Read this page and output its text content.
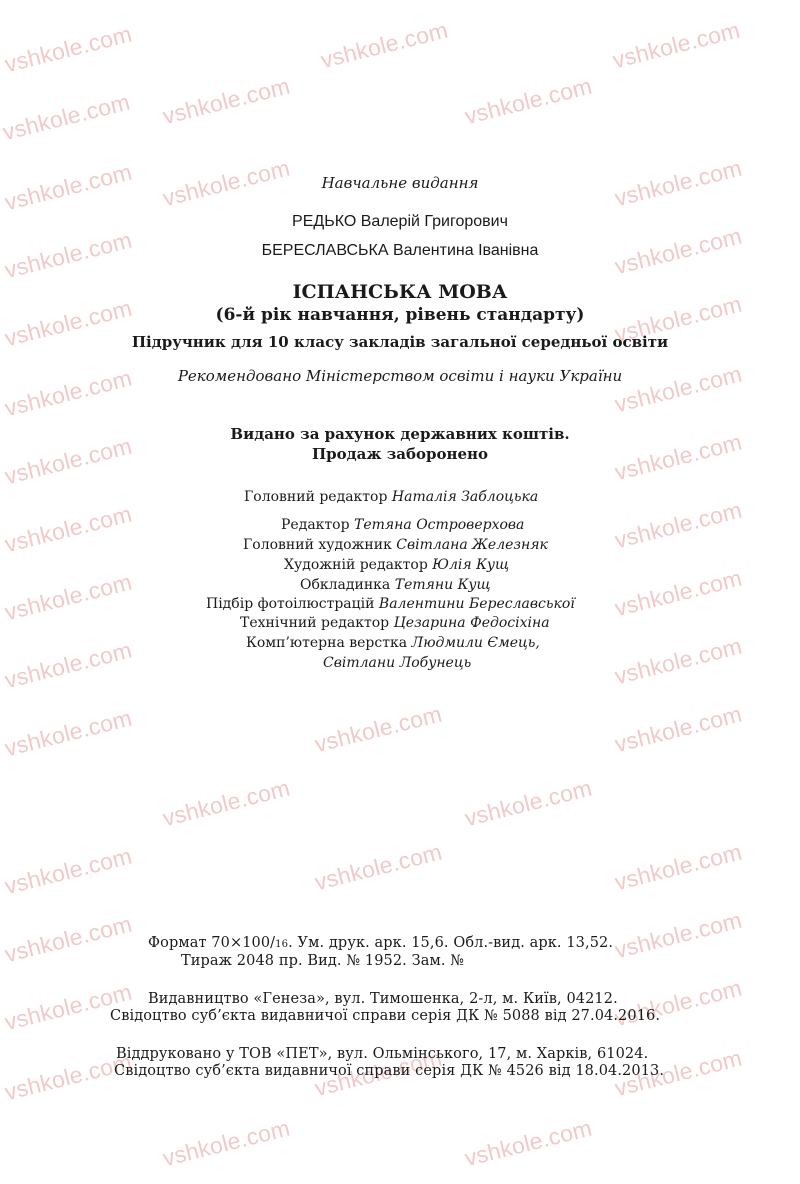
vshkole.com	vshkole.com	vshkole.com
vshkole.com vshkole.com	vshkole.com
vshkole.com vshkole.com	vshkole.com
vshkole.com	vshkole.com
vshkole.com	vshkole.com
vshkole.com	vshkole.com
vshkole.com	vshkole.com
vshkole.com	vshkole.com
vshkole.com	vshkole.com
vshkole.com	vshkole.com
vshkole.com	vshkole.com	vshkole.com
vshkole.com	vshkole.com
vshkole.com	vshkole.com	vshkole.com
vshkole.com	vshkole.com
vshkole.com	vshkole.com
vshkole.com	vshkole.com	vshkole.com
vshkole.com	vshkole.com
Навчальне видання
РЕДЬКО Валерій Григорович
БЕРЕСЛАВСЬКА Валентина Іванівна
ІСПАНСЬКА МОВА
(6-й рік навчання, рівень стандарту)
Підручник для 10 класу закладів загальної середньої освіти
Рекомендовано Міністерством освіти і науки України
Видано за рахунок державних коштів.
Продаж заборонено
Головний редактор Наталія Заблоцька
Редактор Тетяна Островерхова
Головний художник Світлана Железняк
Художній редактор Юлія Кущ
Обкладинка Тетяни Кущ
Підбір фотоілюстрацій Валентини Береславської
Технічний редактор Цезарина Федосіхіна
Комп’ютерна верстка Людмили Ємець,
Світлани Лобунець
Формат 70×100/16. Ум. друк. арк. 15,6. Обл.-вид. арк. 13,52.
Тираж 2048 пр. Вид. № 1952. Зам. №
Видавництво «Генеза», вул. Тимошенка, 2-л, м. Київ, 04212.
Свідоцтво суб’єкта видавничої справи серія ДК № 5088 від 27.04.2016.
Віддруковано у ТОВ «ПЕТ», вул. Ольмінського, 17, м. Харків, 61024.
Свідоцтво суб’єкта видавничої справи серія ДК № 4526 від 18.04.2013.
